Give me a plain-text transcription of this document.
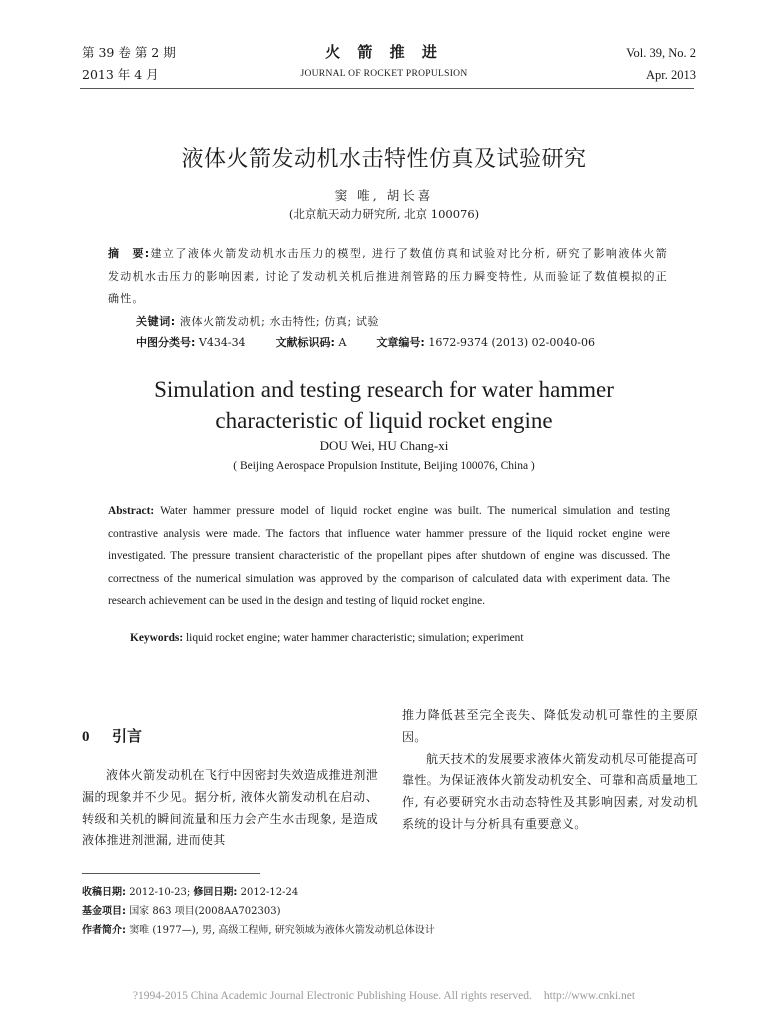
第 39 卷 第 2 期
2013 年 4 月
火 箭 推 进
JOURNAL OF ROCKET PROPULSION
Vol. 39, No. 2
Apr. 2013
液体火箭发动机水击特性仿真及试验研究
窦 唯, 胡长喜
(北京航天动力研究所, 北京 100076)
摘　要:建立了液体火箭发动机水击压力的模型, 进行了数值仿真和试验对比分析, 研究了影响液体火箭发动机水击压力的影响因素, 讨论了发动机关机后推进剂管路的压力瞬变特性, 从而验证了数值模拟的正确性。
关键词: 液体火箭发动机; 水击特性; 仿真; 试验
中图分类号: V434-34	文献标识码: A	文章编号: 1672-9374 (2013) 02-0040-06
Simulation and testing research for water hammer
characteristic of liquid rocket engine
DOU Wei, HU Chang-xi
( Beijing Aerospace Propulsion Institute, Beijing 100076, China )
Abstract: Water hammer pressure model of liquid rocket engine was built. The numerical simulation and testing contrastive analysis were made. The factors that influence water hammer pressure of the liquid rocket engine were investigated. The pressure transient characteristic of the propellant pipes after shutdown of engine was discussed. The correctness of the numerical simulation was approved by the comparison of calculated data with experiment data. The research achievement can be used in the design and testing of liquid rocket engine.
Keywords: liquid rocket engine; water hammer characteristic; simulation; experiment
0 引言

液体火箭发动机在飞行中因密封失效造成推进剂泄漏的现象并不少见。据分析, 液体火箭发动机在启动、转级和关机的瞬间流量和压力会产生水击现象, 是造成液体推进剂泄漏, 进而使其

推力降低甚至完全丧失、降低发动机可靠性的主要原因。

航天技术的发展要求液体火箭发动机尽可能提高可靠性。为保证液体火箭发动机安全、可靠和高质量地工作, 有必要研究水击动态特性及其影响因素, 对发动机系统的设计与分析具有重要意义。

收稿日期: 2012-10-23; 修回日期: 2012-12-24
基金项目: 国家 863 项目(2008AA702303)
作者简介: 窦唯 (1977—), 男, 高级工程师, 研究领域为液体火箭发动机总体设计
?1994-2015 China Academic Journal Electronic Publishing House. All rights reserved. http://www.cnki.net
